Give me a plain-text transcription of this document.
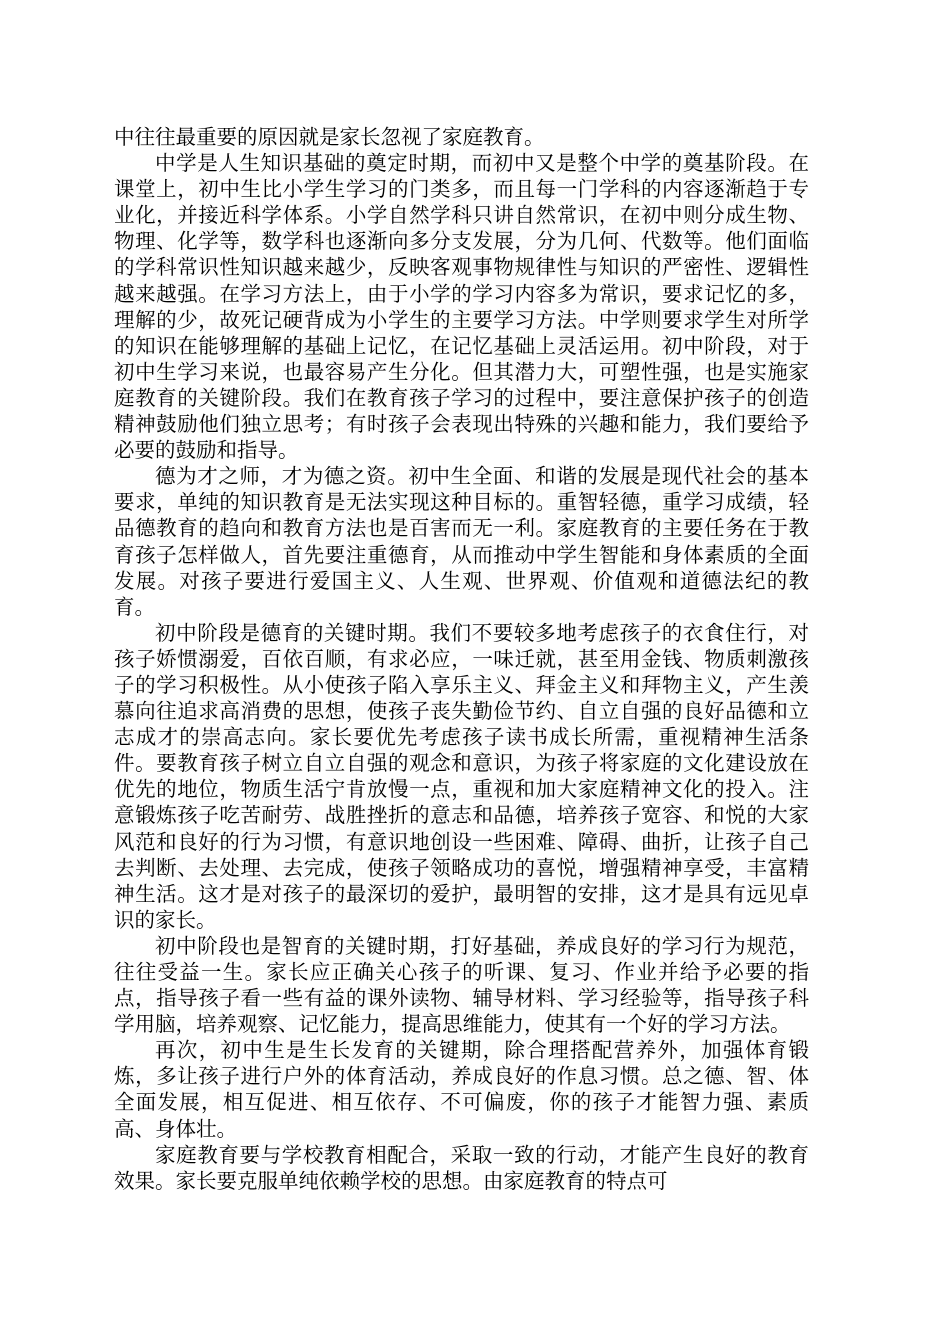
中往往最重要的原因就是家长忽视了家庭教育。

中学是人生知识基础的奠定时期，而初中又是整个中学的奠基阶段。在课堂上，初中生比小学生学习的门类多，而且每一门学科的内容逐渐趋于专业化，并接近科学体系。小学自然学科只讲自然常识，在初中则分成生物、物理、化学等，数学科也逐渐向多分支发展，分为几何、代数等。他们面临的学科常识性知识越来越少，反映客观事物规律性与知识的严密性、逻辑性越来越强。在学习方法上，由于小学的学习内容多为常识，要求记忆的多，理解的少，故死记硬背成为小学生的主要学习方法。中学则要求学生对所学的知识在能够理解的基础上记忆，在记忆基础上灵活运用。初中阶段，对于初中生学习来说，也最容易产生分化。但其潜力大，可塑性强，也是实施家庭教育的关键阶段。我们在教育孩子学习的过程中，要注意保护孩子的创造精神鼓励他们独立思考；有时孩子会表现出特殊的兴趣和能力，我们要给予必要的鼓励和指导。

德为才之师，才为德之资。初中生全面、和谐的发展是现代社会的基本要求，单纯的知识教育是无法实现这种目标的。重智轻德，重学习成绩，轻品德教育的趋向和教育方法也是百害而无一利。家庭教育的主要任务在于教育孩子怎样做人，首先要注重德育，从而推动中学生智能和身体素质的全面发展。对孩子要进行爱国主义、人生观、世界观、价值观和道德法纪的教育。

初中阶段是德育的关键时期。我们不要较多地考虑孩子的衣食住行，对孩子娇惯溺爱，百依百顺，有求必应，一味迁就，甚至用金钱、物质刺激孩子的学习积极性。从小使孩子陷入享乐主义、拜金主义和拜物主义，产生羡慕向往追求高消费的思想，使孩子丧失勤俭节约、自立自强的良好品德和立志成才的崇高志向。家长要优先考虑孩子读书成长所需，重视精神生活条件。要教育孩子树立自立自强的观念和意识，为孩子将家庭的文化建设放在优先的地位，物质生活宁肯放慢一点，重视和加大家庭精神文化的投入。注意锻炼孩子吃苦耐劳、战胜挫折的意志和品德，培养孩子宽容、和悦的大家风范和良好的行为习惯，有意识地创设一些困难、障碍、曲折，让孩子自己去判断、去处理、去完成，使孩子领略成功的喜悦，增强精神享受，丰富精神生活。这才是对孩子的最深切的爱护，最明智的安排，这才是具有远见卓识的家长。

初中阶段也是智育的关键时期，打好基础，养成良好的学习行为规范，往往受益一生。家长应正确关心孩子的听课、复习、作业并给予必要的指点，指导孩子看一些有益的课外读物、辅导材料、学习经验等，指导孩子科学用脑，培养观察、记忆能力，提高思维能力，使其有一个好的学习方法。

再次，初中生是生长发育的关键期，除合理搭配营养外，加强体育锻炼，多让孩子进行户外的体育活动，养成良好的作息习惯。总之德、智、体全面发展，相互促进、相互依存、不可偏废，你的孩子才能智力强、素质高、身体壮。

家庭教育要与学校教育相配合，采取一致的行动，才能产生良好的教育效果。家长要克服单纯依赖学校的思想。由家庭教育的特点可
